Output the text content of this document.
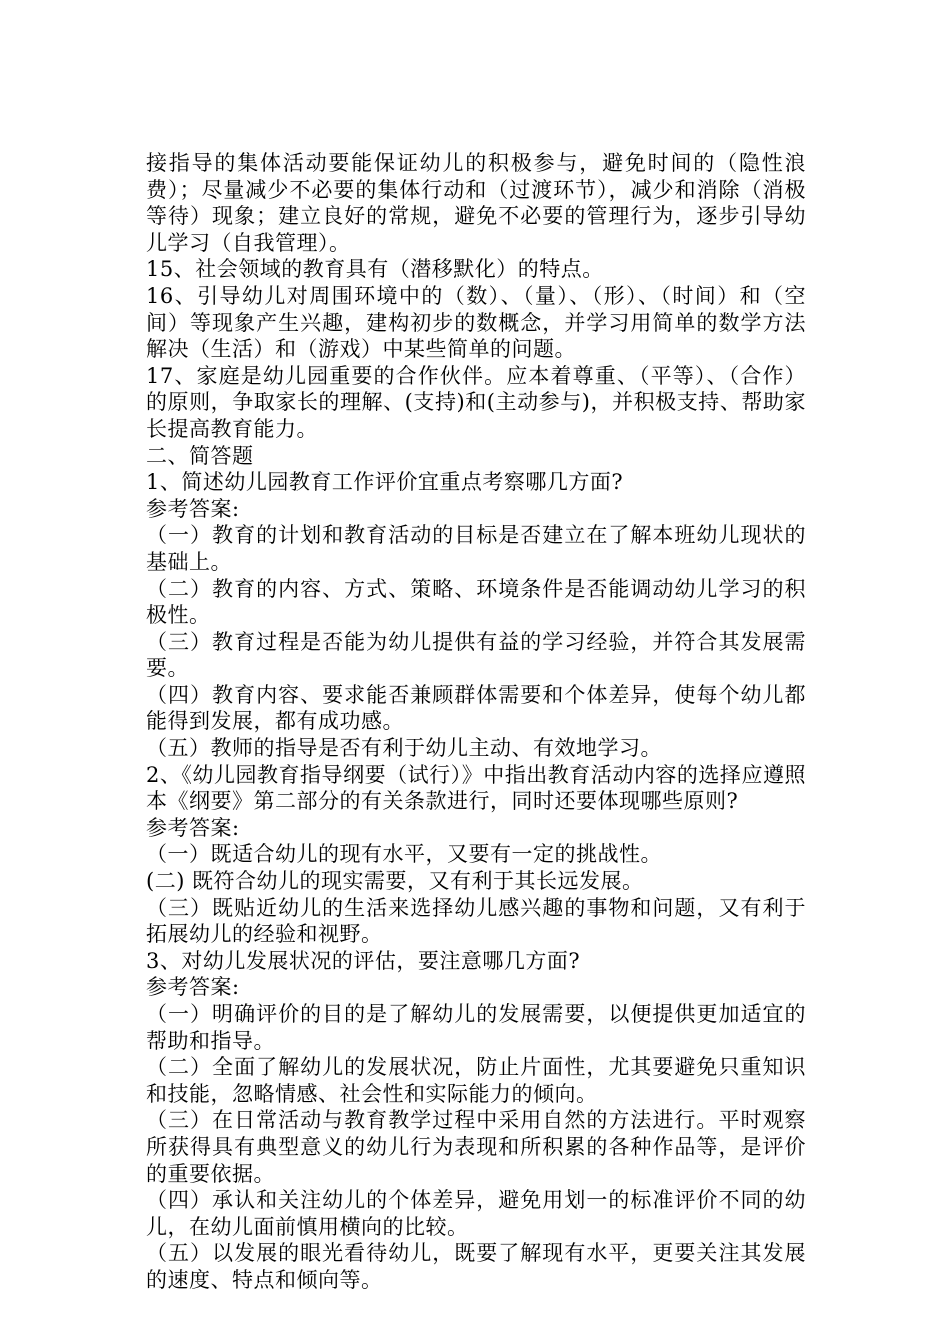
接指导的集体活动要能保证幼儿的积极参与，避免时间的（隐性浪费）；尽量减少不必要的集体行动和（过渡环节），减少和消除（消极等待）现象；建立良好的常规，避免不必要的管理行为，逐步引导幼儿学习（自我管理）。

15、社会领域的教育具有（潜移默化）的特点。

16、引导幼儿对周围环境中的（数）、（量）、（形）、（时间）和（空间）等现象产生兴趣，建构初步的数概念，并学习用简单的数学方法解决（生活）和（游戏）中某些简单的问题。

17、家庭是幼儿园重要的合作伙伴。应本着尊重、（平等）、（合作）的原则，争取家长的理解、(支持)和(主动参与)，并积极支持、帮助家长提高教育能力。

二、简答题

1、简述幼儿园教育工作评价宜重点考察哪几方面?

参考答案:

（一）教育的计划和教育活动的目标是否建立在了解本班幼儿现状的基础上。

（二）教育的内容、方式、策略、环境条件是否能调动幼儿学习的积极性。

（三）教育过程是否能为幼儿提供有益的学习经验，并符合其发展需要。

（四）教育内容、要求能否兼顾群体需要和个体差异，使每个幼儿都能得到发展，都有成功感。

（五）教师的指导是否有利于幼儿主动、有效地学习。

2、《幼儿园教育指导纲要（试行）》中指出教育活动内容的选择应遵照本《纲要》第二部分的有关条款进行，同时还要体现哪些原则?

参考答案:

（一）既适合幼儿的现有水平，又要有一定的挑战性。

(二) 既符合幼儿的现实需要，又有利于其长远发展。

（三）既贴近幼儿的生活来选择幼儿感兴趣的事物和问题，又有利于拓展幼儿的经验和视野。

3、对幼儿发展状况的评估，要注意哪几方面?

参考答案:

（一）明确评价的目的是了解幼儿的发展需要，以便提供更加适宜的帮助和指导。

（二）全面了解幼儿的发展状况，防止片面性，尤其要避免只重知识和技能，忽略情感、社会性和实际能力的倾向。

（三）在日常活动与教育教学过程中采用自然的方法进行。平时观察所获得具有典型意义的幼儿行为表现和所积累的各种作品等，是评价的重要依据。

（四）承认和关注幼儿的个体差异，避免用划一的标准评价不同的幼儿，在幼儿面前慎用横向的比较。

（五）以发展的眼光看待幼儿，既要了解现有水平，更要关注其发展的速度、特点和倾向等。
